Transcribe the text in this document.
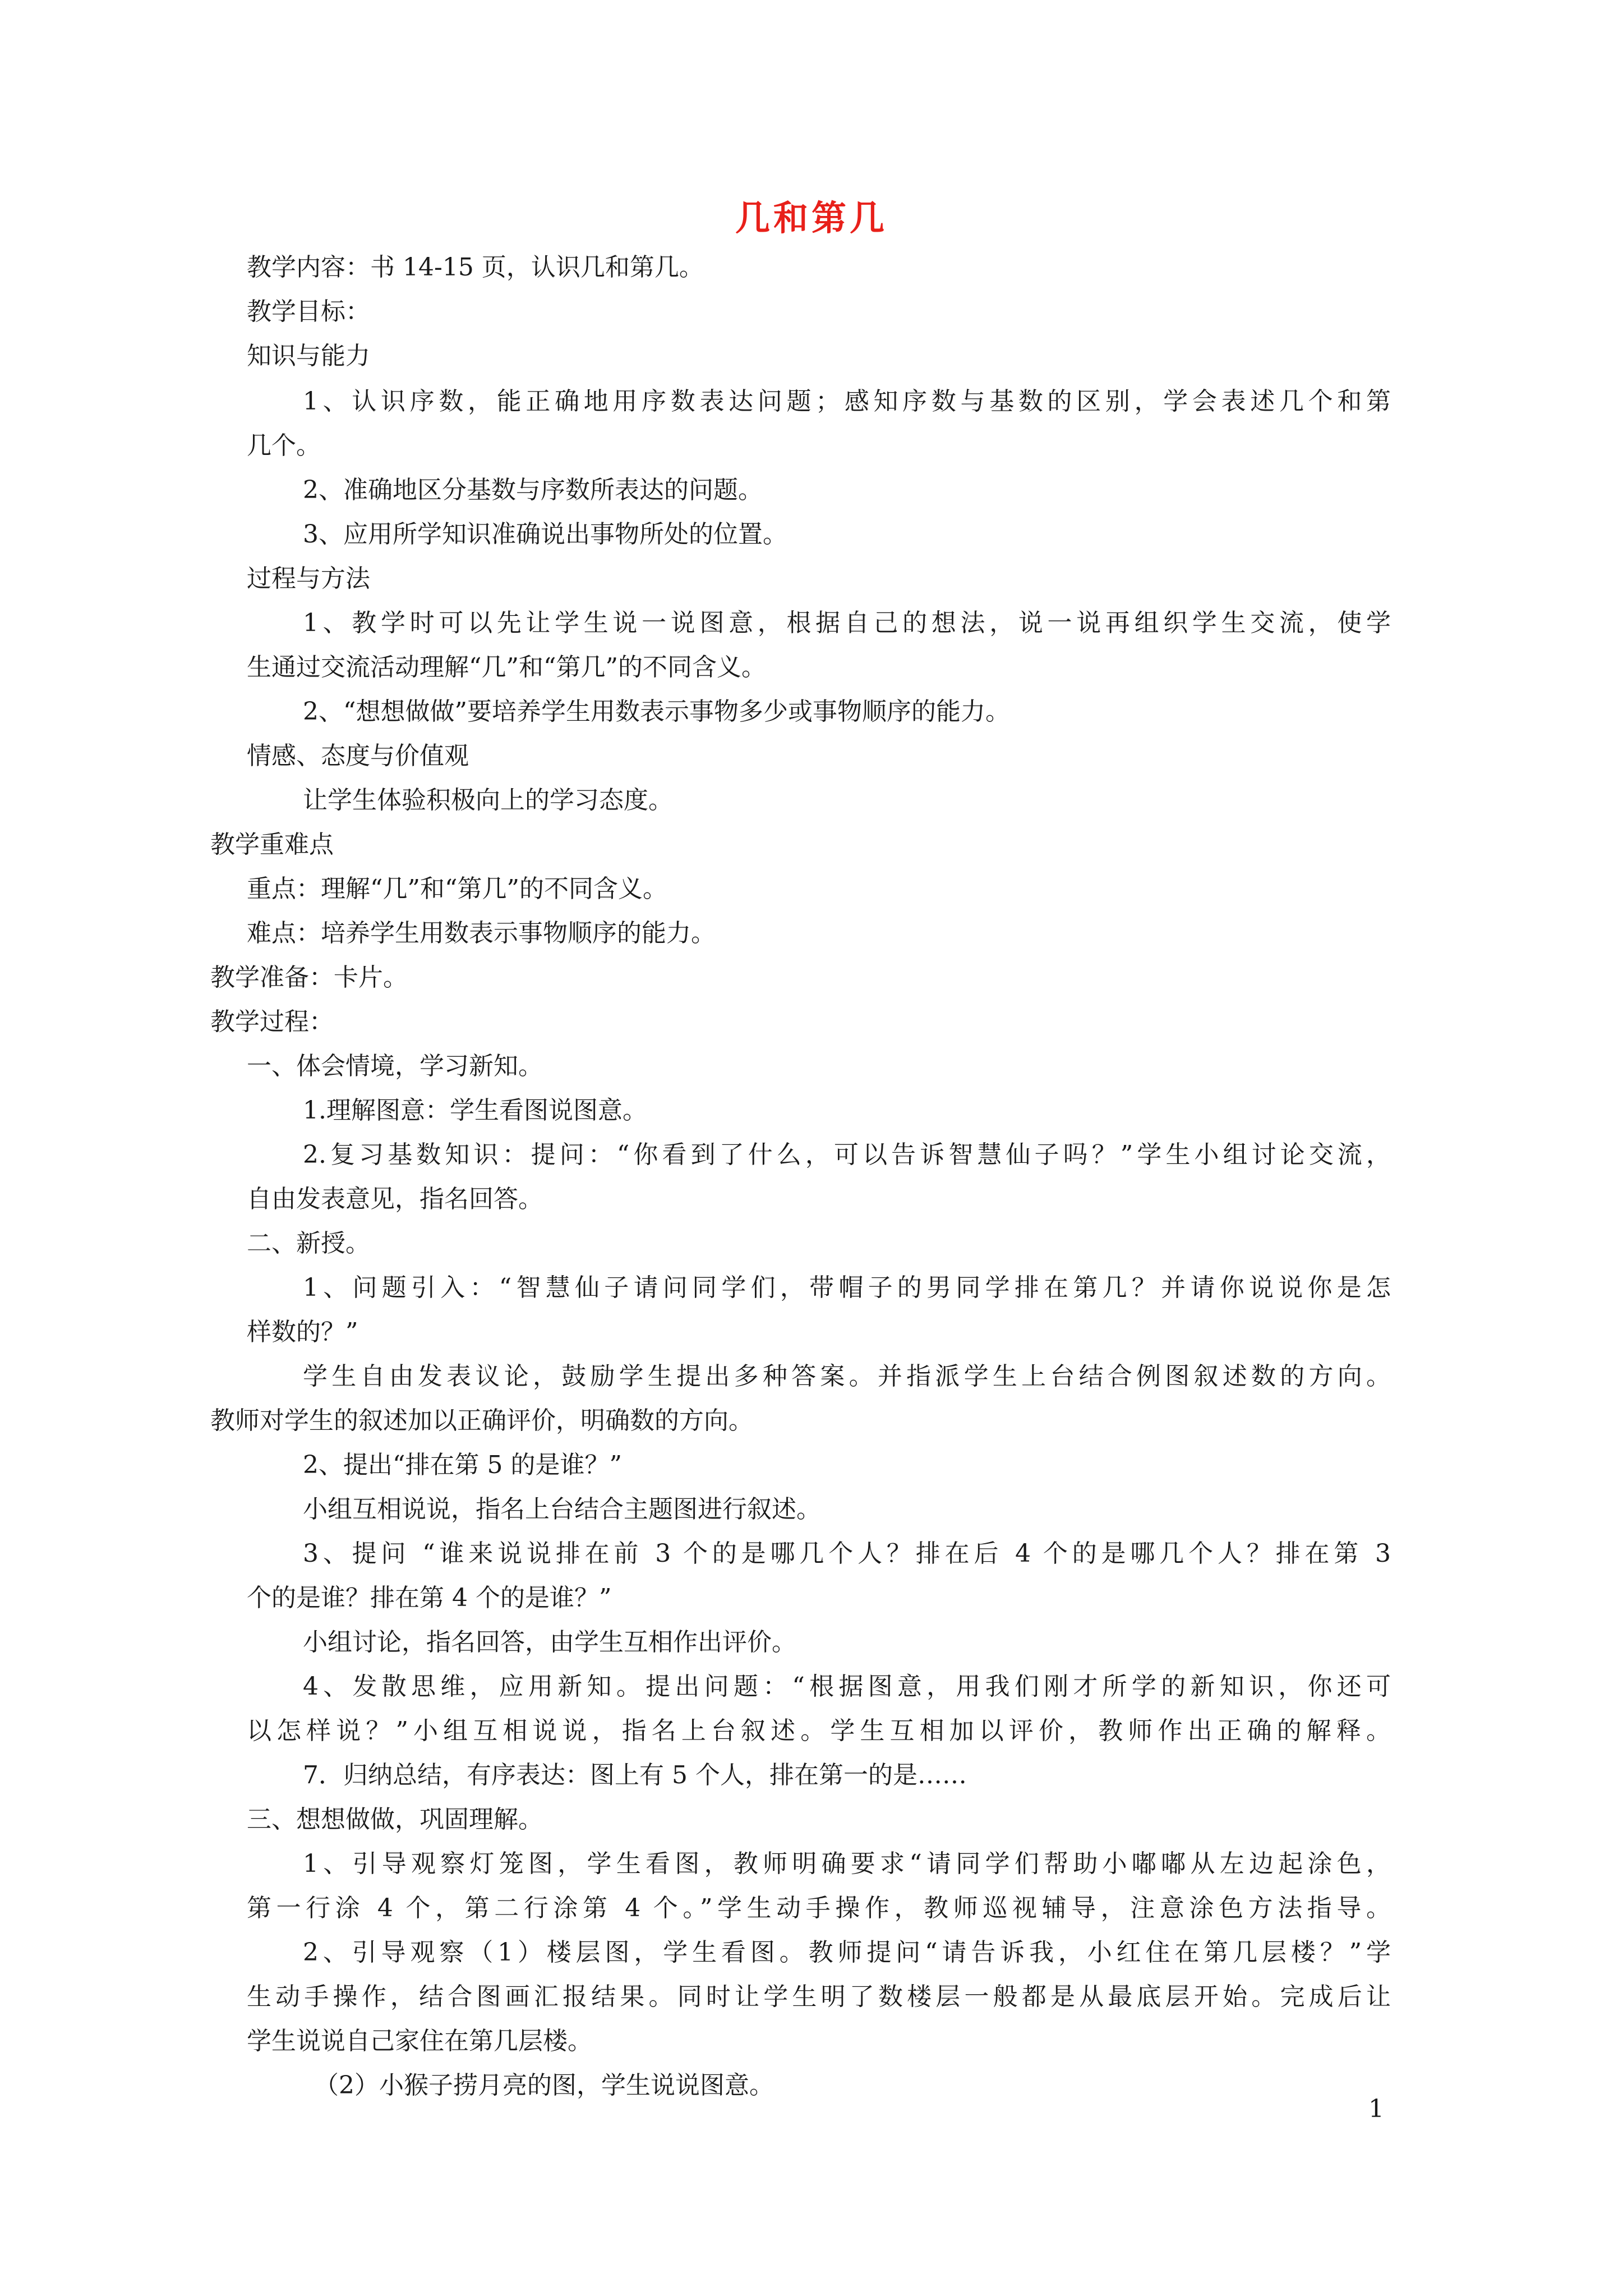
几和第几
教学内容：书 14-15 页，认识几和第几。
教学目标：
知识与能力
1、认识序数，能正确地用序数表达问题；感知序数与基数的区别，学会表述几个和第
几个。
2、准确地区分基数与序数所表达的问题。
3、应用所学知识准确说出事物所处的位置。
过程与方法
1、教学时可以先让学生说一说图意，根据自己的想法，说一说再组织学生交流，使学
生通过交流活动理解“几”和“第几”的不同含义。
2、“想想做做”要培养学生用数表示事物多少或事物顺序的能力。
情感、态度与价值观
让学生体验积极向上的学习态度。
教学重难点
重点：理解“几”和“第几”的不同含义。
难点：培养学生用数表示事物顺序的能力。
教学准备：卡片。
教学过程：
一、体会情境，学习新知。
1.理解图意：学生看图说图意。
2.复习基数知识：提问：“你看到了什么，可以告诉智慧仙子吗？”学生小组讨论交流，
自由发表意见，指名回答。
二、新授。
1、问题引入：“智慧仙子请问同学们，带帽子的男同学排在第几？并请你说说你是怎
样数的？”
学生自由发表议论，鼓励学生提出多种答案。并指派学生上台结合例图叙述数的方向。
教师对学生的叙述加以正确评价，明确数的方向。
2、提出“排在第 5 的是谁？”
小组互相说说，指名上台结合主题图进行叙述。
3、提问 “谁来说说排在前 3 个的是哪几个人？排在后 4 个的是哪几个人？排在第 3
个的是谁？排在第 4 个的是谁？”
小组讨论，指名回答，由学生互相作出评价。
4、发散思维，应用新知。提出问题：“根据图意，用我们刚才所学的新知识，你还可
以怎样说？”小组互相说说，指名上台叙述。学生互相加以评价，教师作出正确的解释。
7．归纳总结，有序表达：图上有 5 个人，排在第一的是……
三、想想做做，巩固理解。
1、引导观察灯笼图，学生看图，教师明确要求“请同学们帮助小嘟嘟从左边起涂色，
第一行涂 4 个，第二行涂第 4 个。”学生动手操作，教师巡视辅导，注意涂色方法指导。
2、引导观察（1）楼层图，学生看图。教师提问“请告诉我，小红住在第几层楼？”学
生动手操作，结合图画汇报结果。同时让学生明了数楼层一般都是从最底层开始。完成后让
学生说说自己家住在第几层楼。
（2）小猴子捞月亮的图，学生说说图意。
1
